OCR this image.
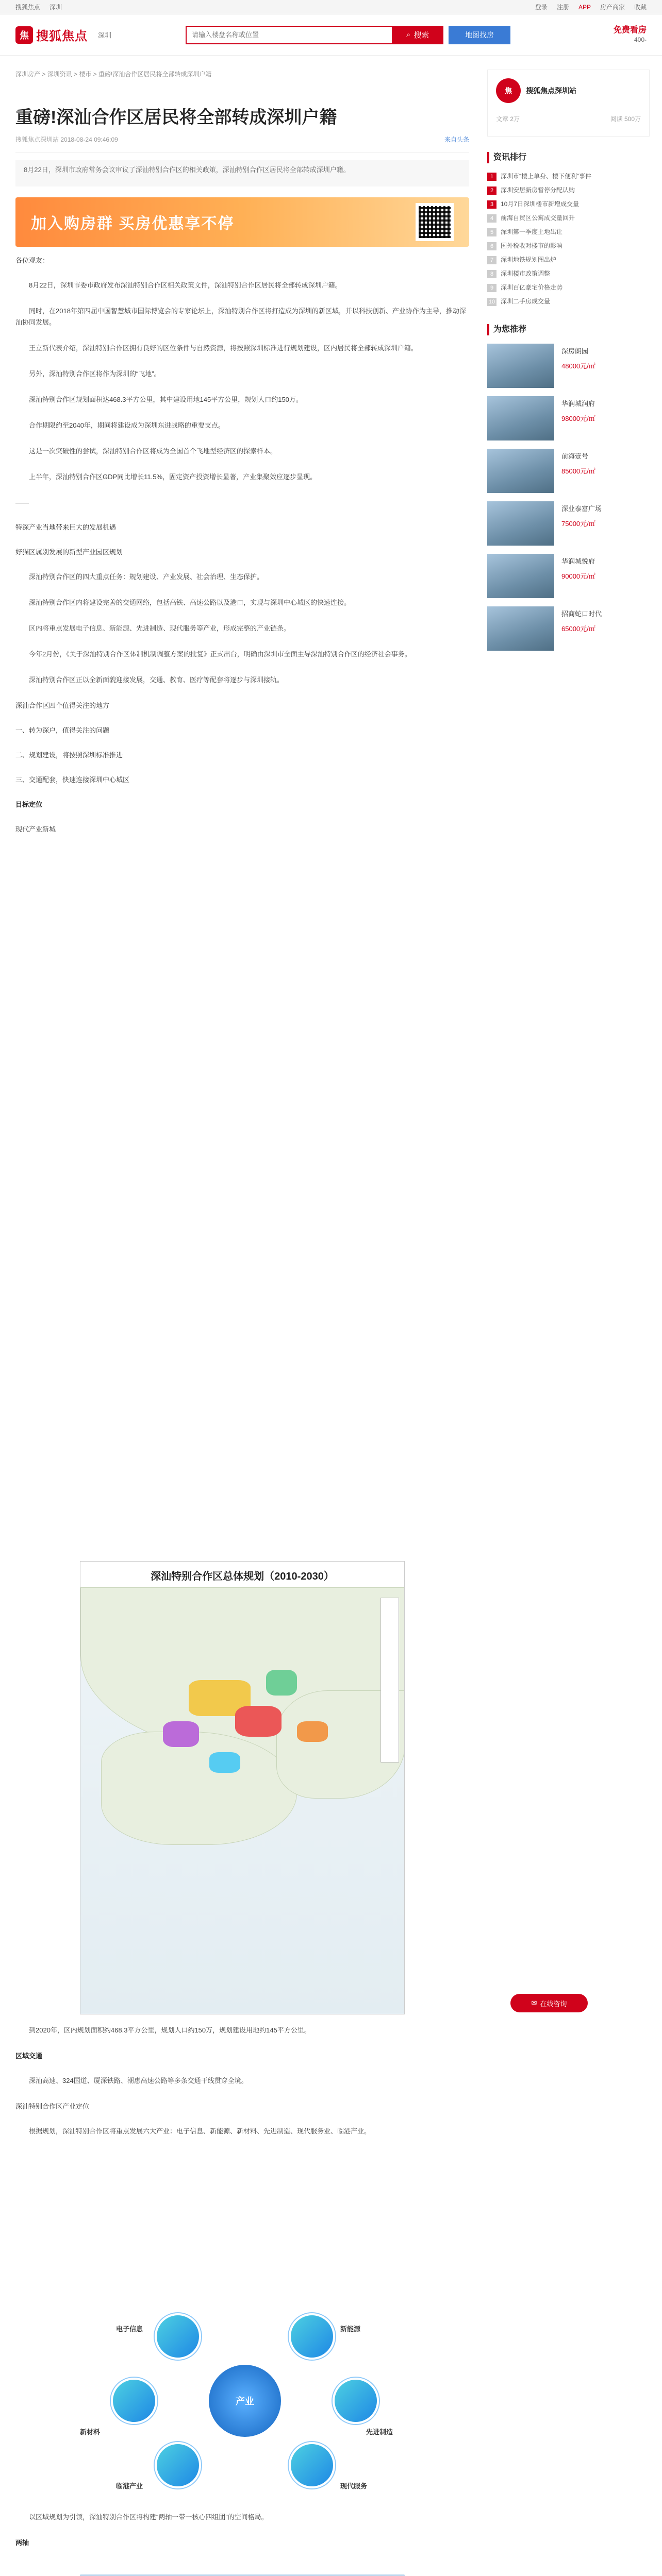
搜狐焦点 深圳	登录 注册 APP 房产商家 收藏
焦 搜狐焦点 深圳
请输入楼盘名称或位置	⌕ 搜索	地图找房
免费看房
400-
深圳房产 > 深圳资讯 > 楼市 > 重磅!深汕合作区居民将全部转成深圳户籍
重磅!深汕合作区居民将全部转成深圳户籍
搜狐焦点深圳站 2018-08-24 09:46:09	来自头条
8月22日，深圳市政府常务会议审议了深汕特别合作区的相关政策，深汕特别合作区居民将全部转成深圳户籍。
加入购房群 买房优惠享不停

各位观友：

8月22日，深圳市委市政府发布深汕特别合作区相关政策文件，深汕特别合作区居民将全部转成深圳户籍。

同时，在2018年第四届中国智慧城市国际博览会的专家论坛上，深汕特别合作区将打造成为深圳的新区域，并以科技创新、产业协作为主导，推动深汕协同发展。

王立新代表介绍，深汕特别合作区拥有良好的区位条件与自然资源，将按照深圳标准进行规划建设，区内居民将全部转成深圳户籍。

另外，深汕特别合作区将作为深圳的“飞地”。

深汕特别合作区规划面积达468.3平方公里，其中建设用地145平方公里，规划人口约150万。

合作期限约至2040年，期间将建设成为深圳东进战略的重要支点。

这是一次突破性的尝试，深汕特别合作区将成为全国首个飞地型经济区的探索样本。

上半年，深汕特别合作区GDP同比增长11.5%，固定资产投资增长显著，产业集聚效应逐步显现。

——

特深产业当地带来巨大的发展机遇

好猫区属别发展的新型产业园区规划

深汕特别合作区的四大重点任务：规划建设、产业发展、社会治理、生态保护。

深汕特别合作区内将建设完善的交通网络，包括高铁、高速公路以及港口，实现与深圳中心城区的快速连接。

区内将重点发展电子信息、新能源、先进制造、现代服务等产业，形成完整的产业链条。

今年2月份，《关于深汕特别合作区体制机制调整方案的批复》正式出台，明确由深圳市全面主导深汕特别合作区的经济社会事务。

深汕特别合作区正以全新面貌迎接发展，交通、教育、医疗等配套将逐步与深圳接轨。

深汕合作区四个值得关注的地方

一、转为深户，值得关注的问题

二、规划建设，将按照深圳标准推进

三、交通配套，快速连接深圳中心城区

目标定位

现代产业新城

深汕特别合作区总体规划（2010-2030）

到2020年，区内规划面积约468.3平方公里，规划人口约150万，规划建设用地约145平方公里。

区域交通

深汕高速、324国道、厦深铁路、潮惠高速公路等多条交通干线贯穿全境。

深汕特别合作区产业定位

根据规划，深汕特别合作区将重点发展六大产业：电子信息、新能源、新材料、先进制造、现代服务业、临港产业。

产业
电子信息	新能源
先进制造
现代服务
临港产业
新材料

以区域规划为引领，深汕特别合作区将构建“两轴一带一核心四组团”的空间格局。

两轴

焦	搜狐焦点深圳站
文章 2万	阅读 500万
资讯排行
1 深圳市“楼上单身、楼下便利”事件
2 深圳安居新房暂停分配认购
3 10月7日深圳楼市新增成交量
4 前海自贸区公寓成交量回升
5 深圳第一季度土地出让
6 国外税收对楼市的影响
7 深圳地铁规划图出炉
8 深圳楼市政策调整
9 深圳百亿豪宅价格走势
10 深圳二手房成交量
为您推荐
深房朗园
48000元/㎡
华润城润府
98000元/㎡
前海壹号
85000元/㎡
深业泰富广场
75000元/㎡
华润城悦府
90000元/㎡
招商蛇口时代
65000元/㎡
✉ 在线咨询
